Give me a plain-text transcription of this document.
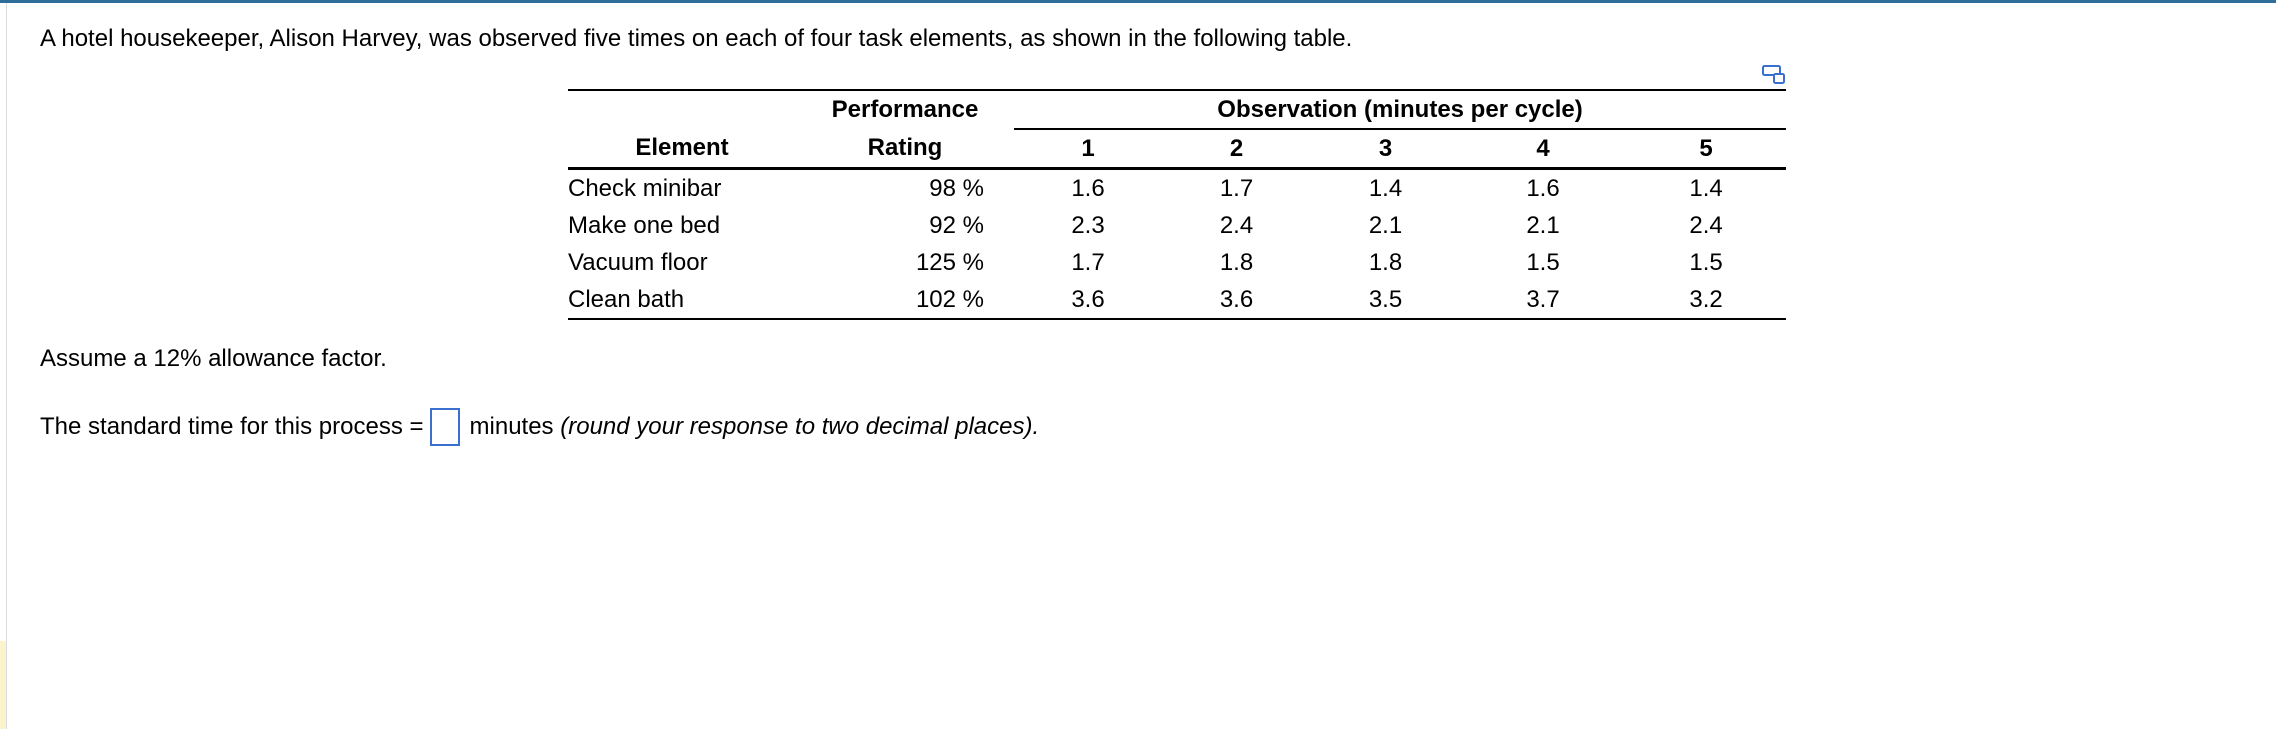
A hotel housekeeper, Alison Harvey, was observed five times on each of four task elements, as shown in the following table.
	Performance	Observation (minutes per cycle)				
Element	Rating	1	2	3	4	5
Check minibar	98 %	1.6	1.7	1.4	1.6	1.4
Make one bed	92 %	2.3	2.4	2.1	2.1	2.4
Vacuum floor	125 %	1.7	1.8	1.8	1.5	1.5
Clean bath	102 %	3.6	3.6	3.5	3.7	3.2
Assume a 12% allowance factor.
The standard time for this process = minutes
(round your response to two decimal places).
